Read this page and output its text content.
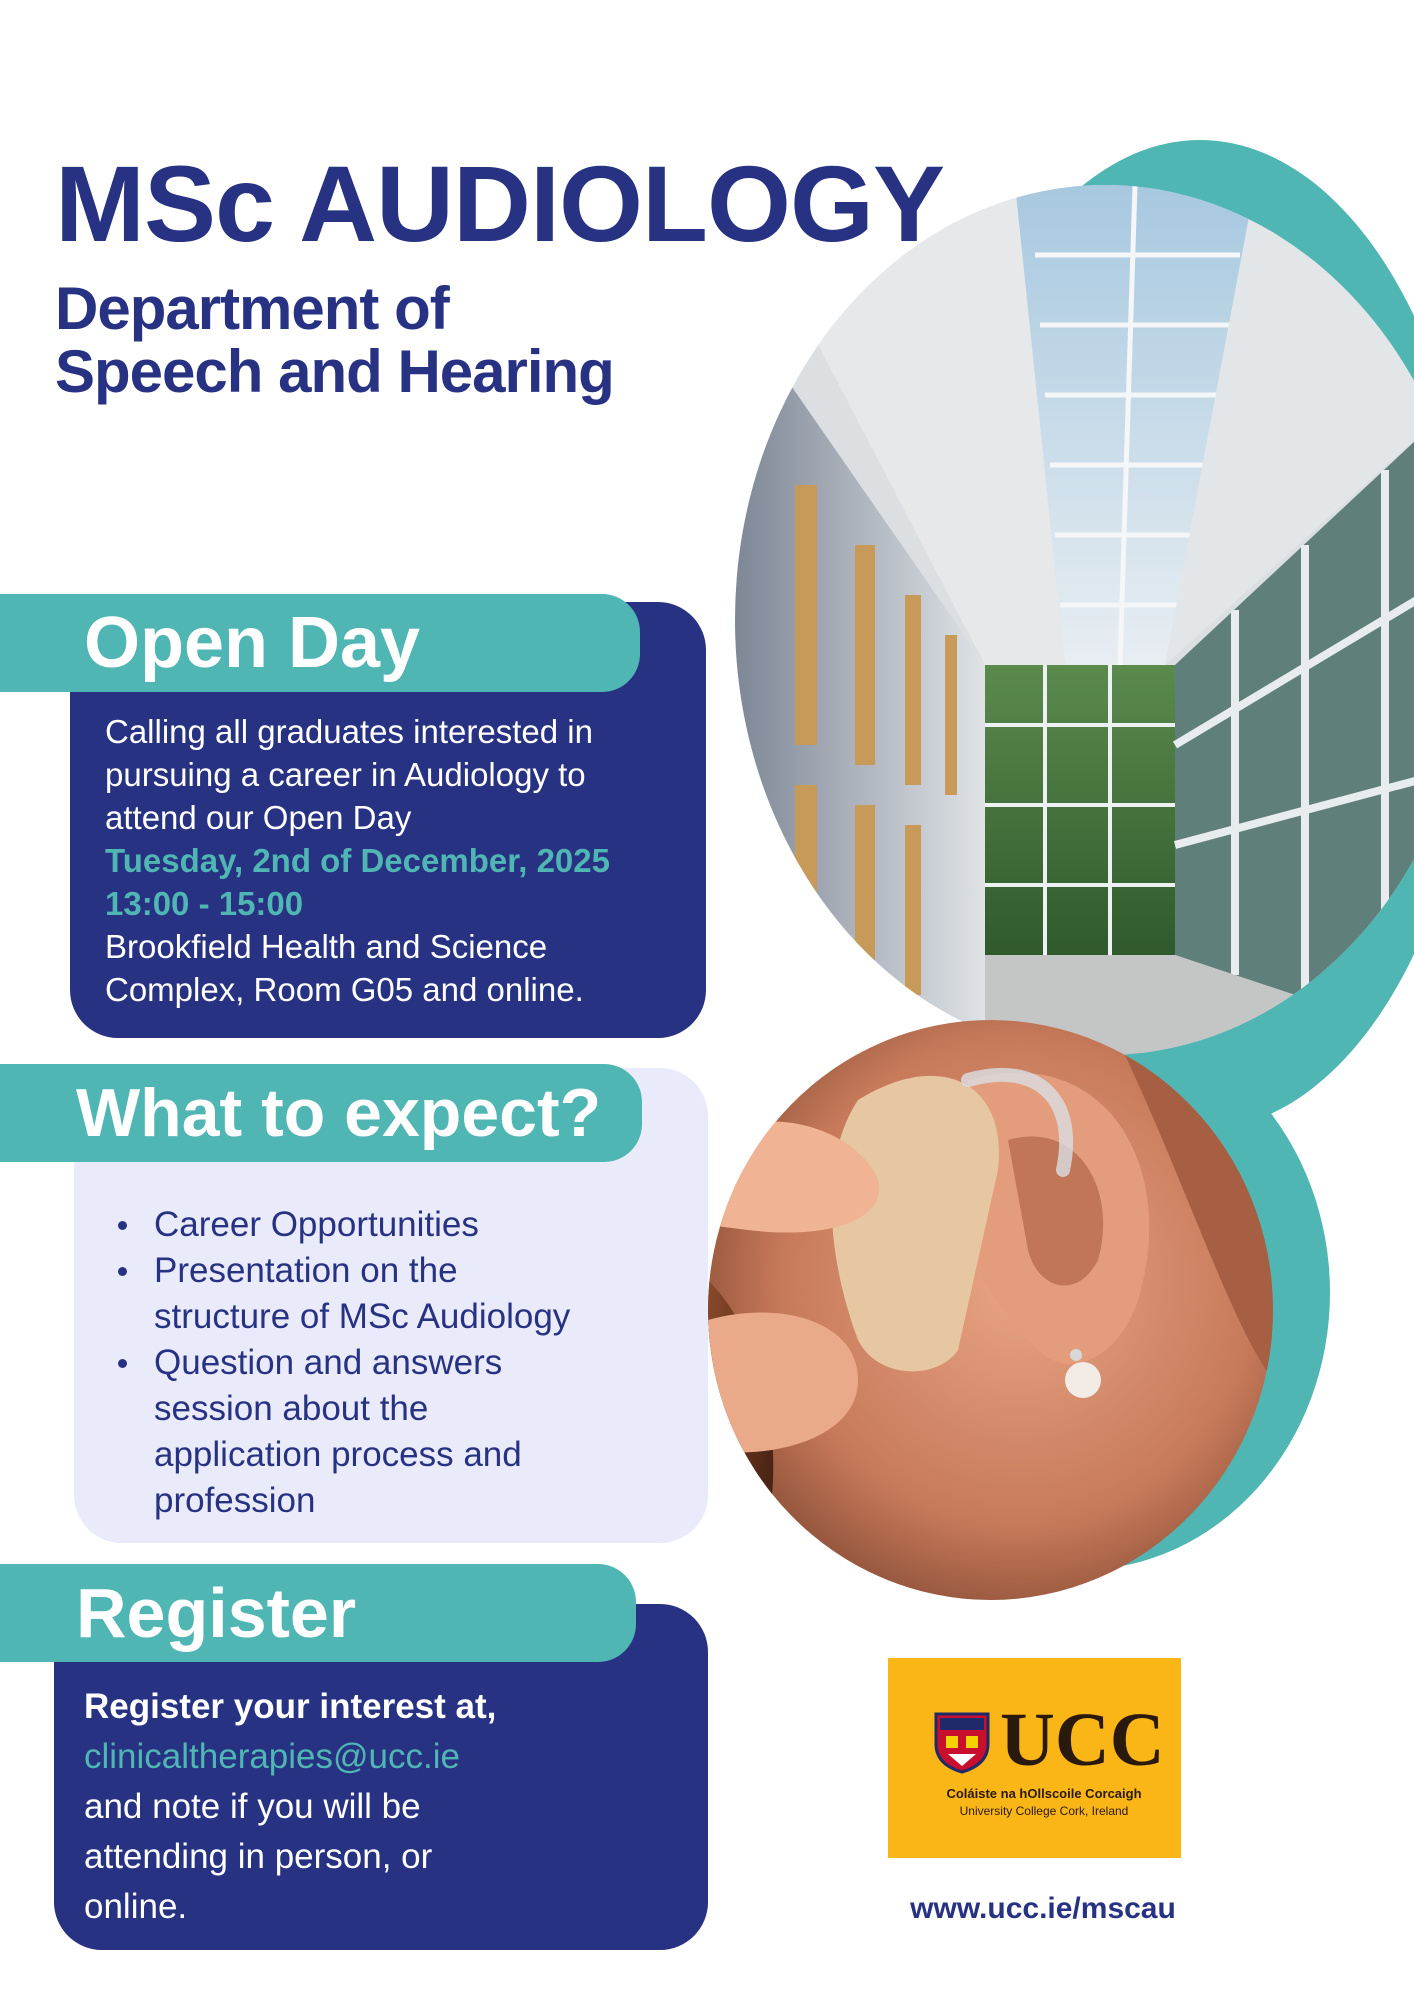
MSc AUDIOLOGY
Department of
Speech and Hearing
Open Day
Calling all graduates interested in
pursuing a career in Audiology to
attend our Open Day
Tuesday, 2nd of December, 2025
13:00 - 15:00
Brookfield Health and Science
Complex, Room G05 and online.
What to expect?
Career Opportunities
Presentation on the
structure of MSc Audiology
Question and answers
session about the
application process and
profession
Register
Register your interest at,
clinicaltherapies@ucc.ie
and note if you will be
attending in person, or
online.
UCC
Coláiste na hOllscoile Corcaigh
University College Cork, Ireland
www.ucc.ie/mscau
